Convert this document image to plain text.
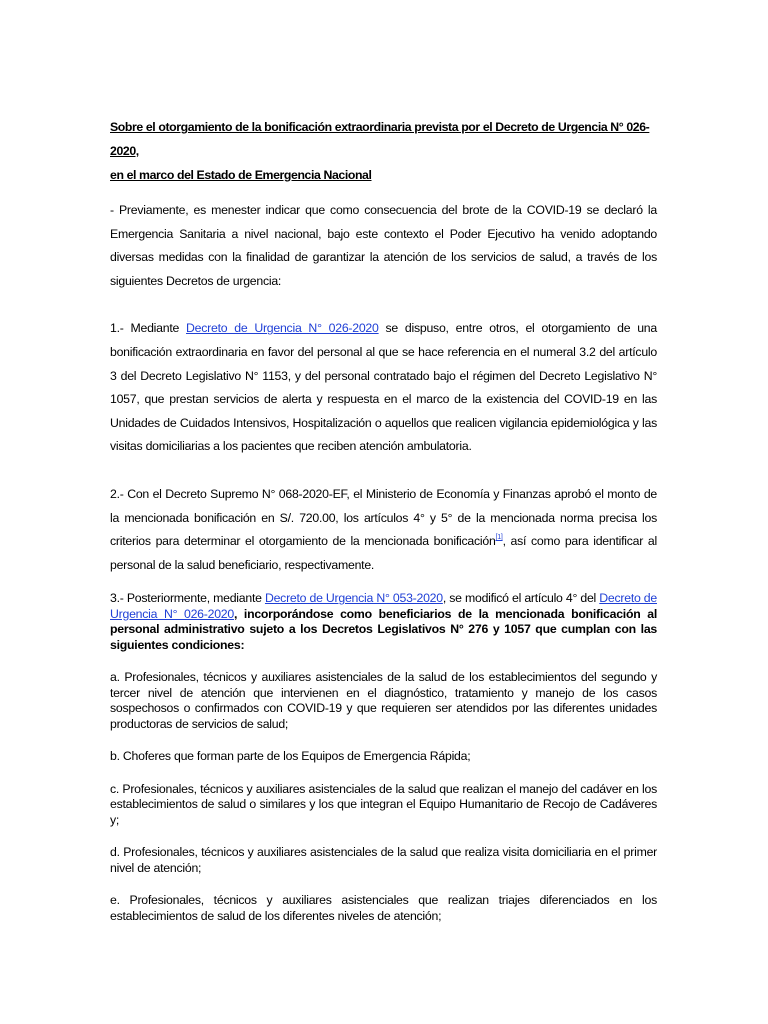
Sobre el otorgamiento de la bonificación extraordinaria prevista por el Decreto de Urgencia N° 026-2020,
en el marco del Estado de Emergencia Nacional

- Previamente, es menester indicar que como consecuencia del brote de la COVID-19 se declaró la Emergencia Sanitaria a nivel nacional, bajo este contexto el Poder Ejecutivo ha venido adoptando diversas medidas con la finalidad de garantizar la atención de los servicios de salud, a través de los siguientes Decretos de urgencia:

1.- Mediante Decreto de Urgencia N° 026-2020 se dispuso, entre otros, el otorgamiento de una bonificación extraordinaria en favor del personal al que se hace referencia en el numeral 3.2 del artículo 3 del Decreto Legislativo N° 1153, y del personal contratado bajo el régimen del Decreto Legislativo N° 1057, que prestan servicios de alerta y respuesta en el marco de la existencia del COVID-19 en las Unidades de Cuidados Intensivos, Hospitalización o aquellos que realicen vigilancia epidemiológica y las visitas domiciliarias a los pacientes que reciben atención ambulatoria.

2.- Con el Decreto Supremo N° 068-2020-EF, el Ministerio de Economía y Finanzas aprobó el monto de la mencionada bonificación en S/. 720.00, los artículos 4° y 5° de la mencionada norma precisa los criterios para determinar el otorgamiento de la mencionada bonificación[1], así como para identificar al personal de la salud beneficiario, respectivamente.

3.- Posteriormente, mediante Decreto de Urgencia N° 053-2020, se modificó el artículo 4° del Decreto de Urgencia N° 026-2020, incorporándose como beneficiarios de la mencionada bonificación al personal administrativo sujeto a los Decretos Legislativos N° 276 y 1057 que cumplan con las siguientes condiciones:

a. Profesionales, técnicos y auxiliares asistenciales de la salud de los establecimientos del segundo y tercer nivel de atención que intervienen en el diagnóstico, tratamiento y manejo de los casos sospechosos o confirmados con COVID-19 y que requieren ser atendidos por las diferentes unidades productoras de servicios de salud;

b. Choferes que forman parte de los Equipos de Emergencia Rápida;

c. Profesionales, técnicos y auxiliares asistenciales de la salud que realizan el manejo del cadáver en los establecimientos de salud o similares y los que integran el Equipo Humanitario de Recojo de Cadáveres y;

d. Profesionales, técnicos y auxiliares asistenciales de la salud que realiza visita domiciliaria en el primer nivel de atención;

e. Profesionales, técnicos y auxiliares asistenciales que realizan triajes diferenciados en los establecimientos de salud de los diferentes niveles de atención;
